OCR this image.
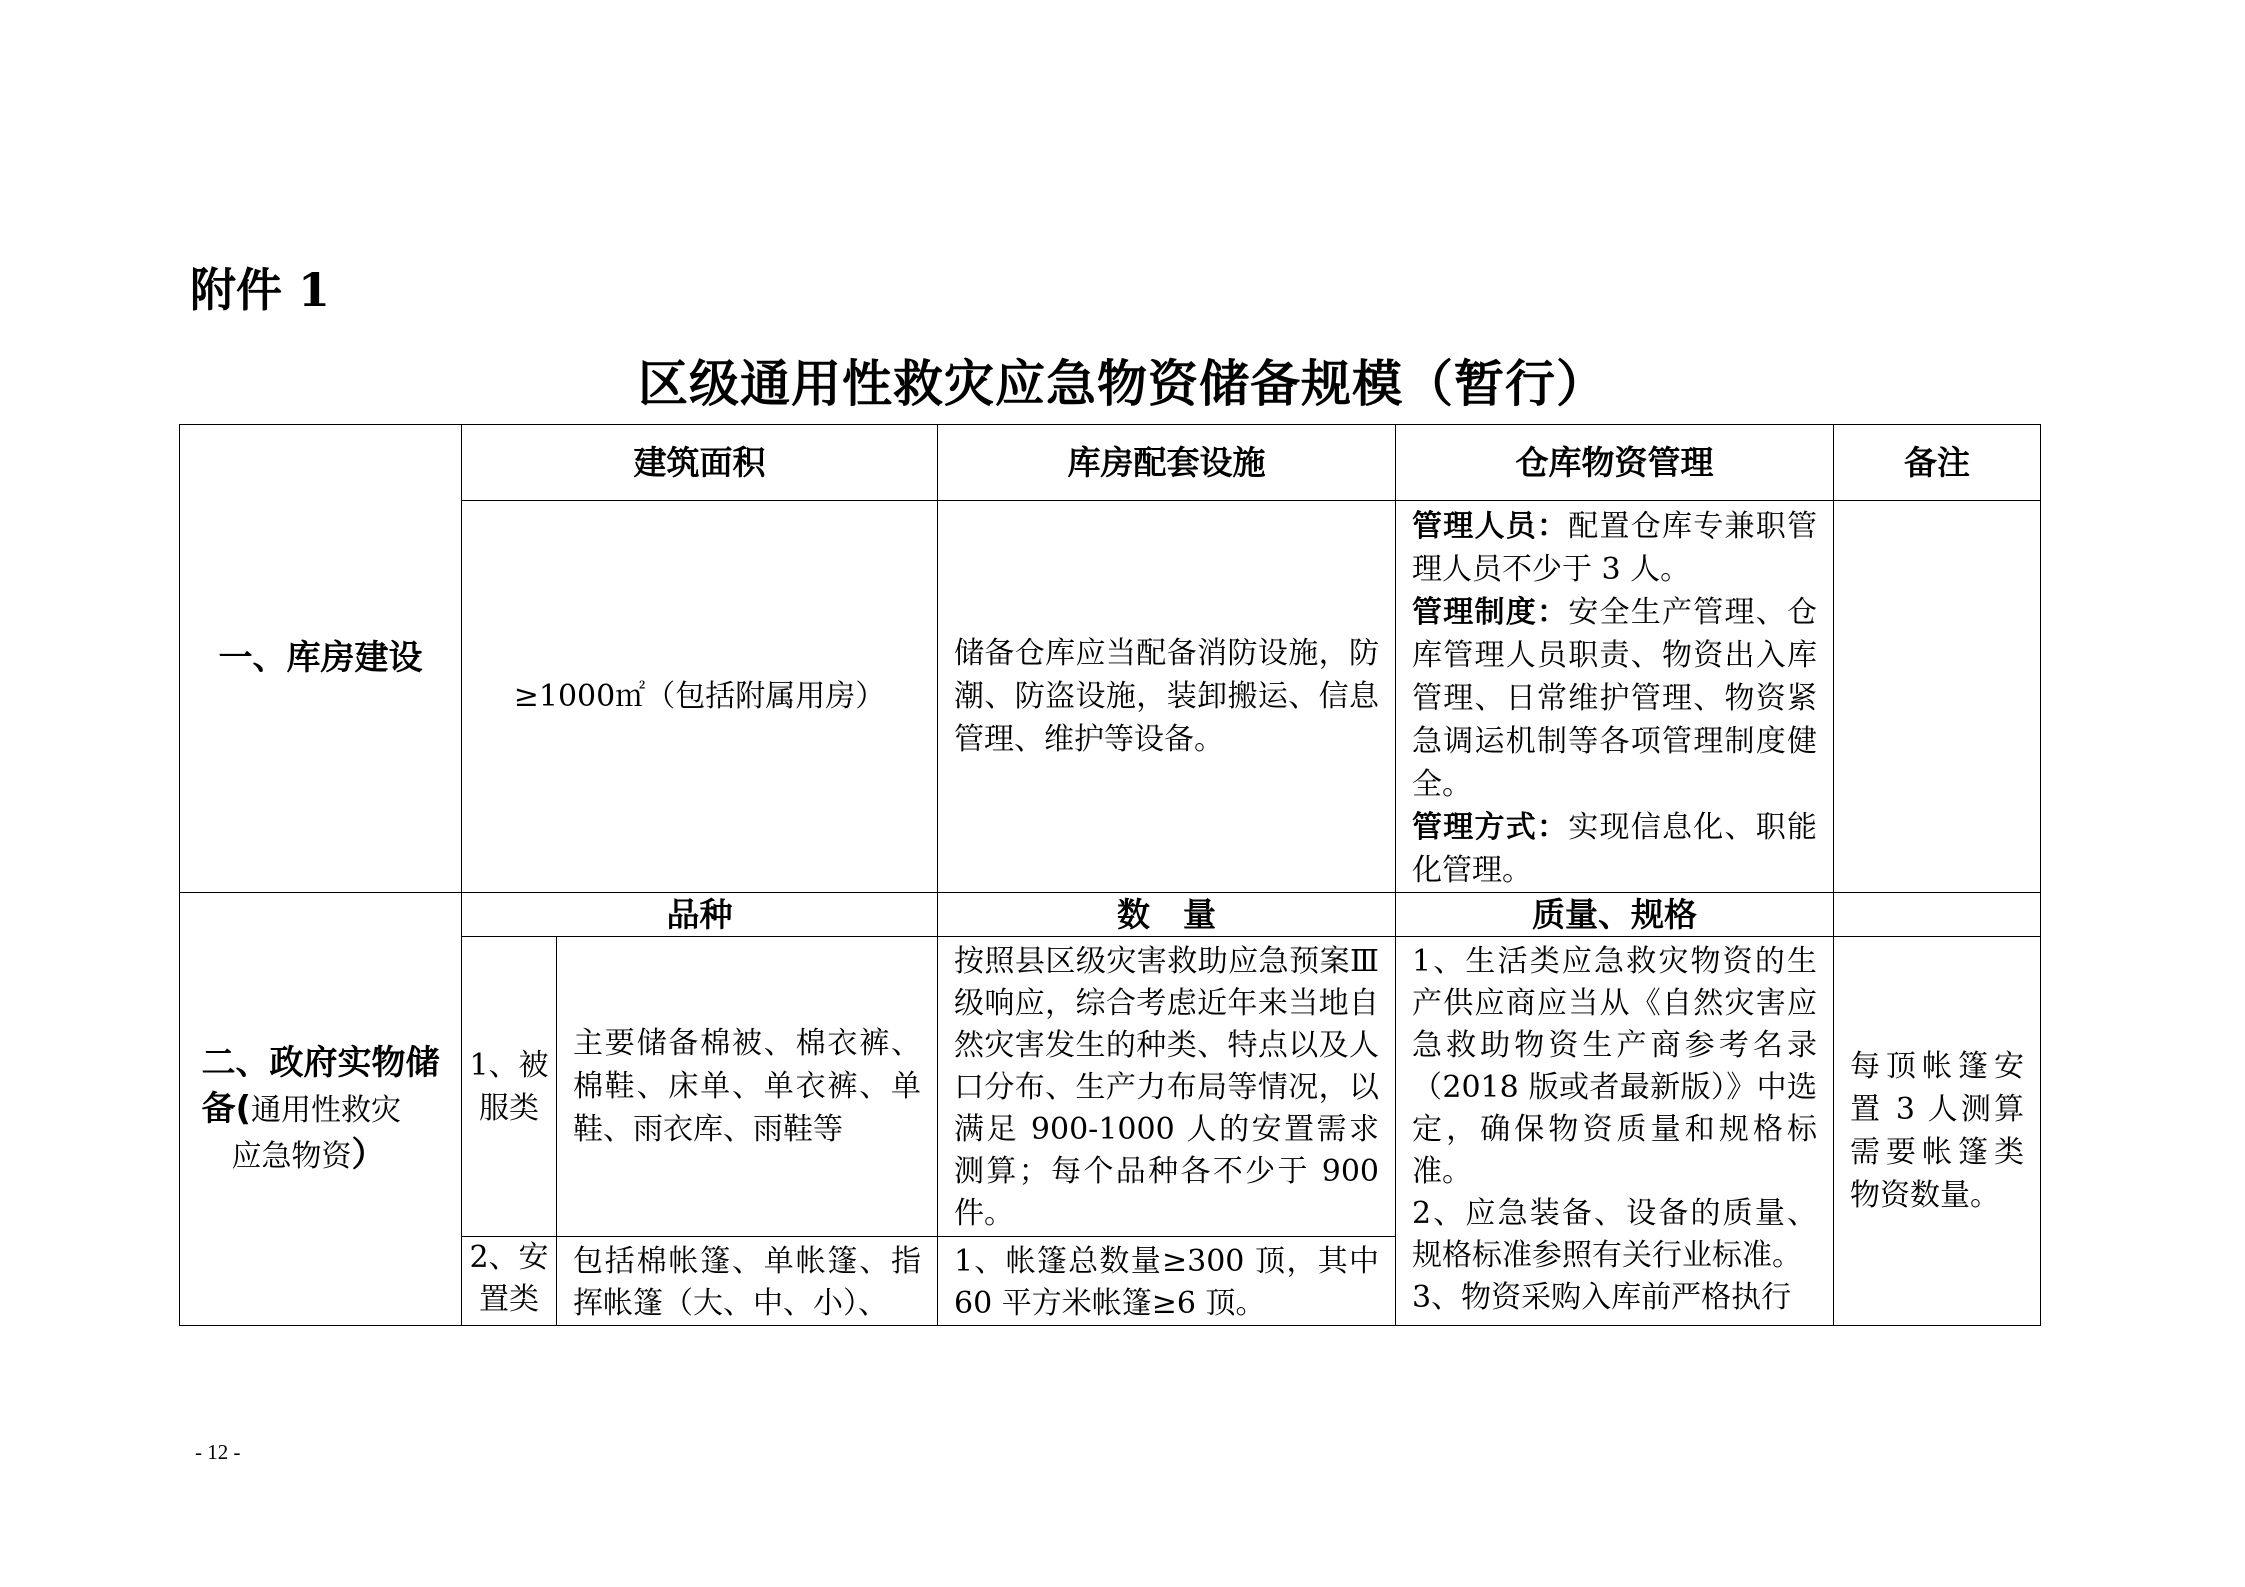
附件 1
区级通用性救灾应急物资储备规模（暂行）
一、库房建设	建筑面积		库房配套设施	仓库物资管理	备注
	≥1000㎡（包括附属用房）		储备仓库应当配备消防设施，防潮、防盗设施，装卸搬运、信息管理、维护等设备。	管理人员：配置仓库专兼职管理人员不少于 3 人。
管理制度：安全生产管理、仓库管理人员职责、物资出入库管理、日常维护管理、物资紧急调运机制等各项管理制度健全。
管理方式：实现信息化、职能化管理。	

二、政府实物储
备(通用性救灾
应急物资）	品种		数　量	质量、规格	
	1、被服类	主要储备棉被、棉衣裤、棉鞋、床单、单衣裤、单鞋、雨衣库、雨鞋等	按照县区级灾害救助应急预案Ⅲ级响应，综合考虑近年来当地自然灾害发生的种类、特点以及人口分布、生产力布局等情况，以满足 900-1000 人的安置需求测算；每个品种各不少于 900 件。	1、生活类应急救灾物资的生产供应商应当从《自然灾害应急救助物资生产商参考名录（2018 版或者最新版）》中选定，确保物资质量和规格标准。
2、应急装备、设备的质量、规格标准参照有关行业标准。
3、物资采购入库前严格执行	每顶帐篷安置 3 人测算需要帐篷类物资数量。
	2、安置类	包括棉帐篷、单帐篷、指挥帐篷（大、中、小）、	1、帐篷总数量≥300 顶，其中 60 平方米帐篷≥6 顶。		
- 12 -
